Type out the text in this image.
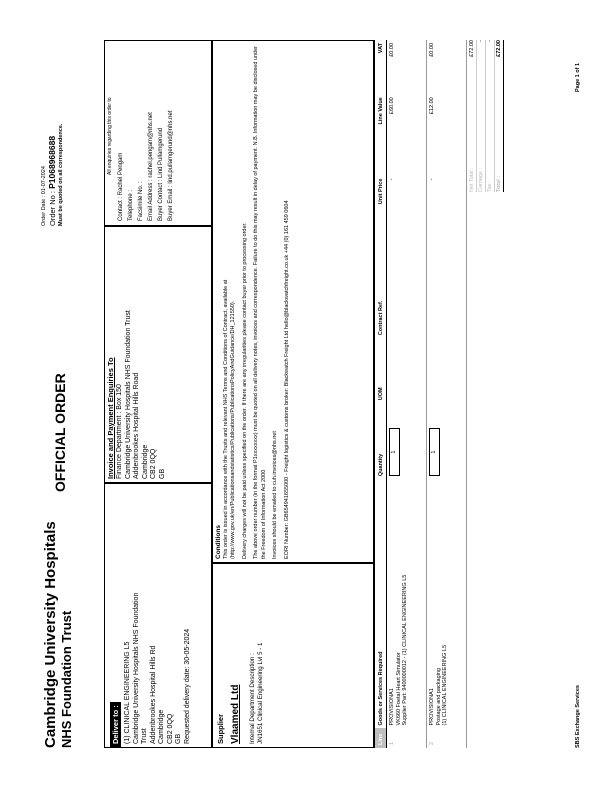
Cambridge University Hospitals NHS Foundation Trust
OFFICIAL ORDER
Order Date : 01-07-2024 Order No : P1068968688 Must be quoted on all correspondence.
Deliver to : (1) CLINICAL ENGINEERING L5 Cambridge University Hospitals NHS Foundation Trust Addenbrookes Hospital Hills Rd Cambridge CB2 0QQ GB Requested delivery date: 30-05-2024
Invoice and Payment Enquiries To Finance Department : Box 150 Cambridge University Hospitals NHS Foundation Trust Addenbrookes Hospital Hills Road Cambridge CB2 0QQ GB
All enquiries regarding this order to
Contact : Rachel Pengam Telephone : Facsimile No. : Email Address : rachel.pengam@nhs.net Buyer Contact : Lind Pullamgerund Buyer Email : lind.pullamgerund@nhs.net
Supplier Vlaamed Ltd Internal Department Description : JN1651 Clinical Engineering Lvl 5 - 1
Conditions This order is issued in accordance with the Trusts and relevant NHS Terms and Conditions of Contract, available at (http://www.gov.uk/en/Publicationsandstatistics/Publications/PublicationsPolicyAndGuidance/DH_121550). Delivery charges will not be paid unless specified on the order. If there are any irregularities please contact buyer prior to processing order. The above order number (in the format P1xxxxxxxx) must be quoted on all delivery notes, invoices and correspondence. Failure to do this may result in delay of payment. N.B. Information may be disclosed under the Freedom of Information Act 2000 Invoices should be emailed to cuh.invoices@nhs.net EORI Number: GB654941655000 - Freight logistics & customs broker: Blackwatch Freight Ltd hello@blackwatchfreight.co.uk +44 (0) 161 459 0604

Line	Goods or Services Required	Quantity	UOM	Contract Ref.	Unit Price	Line Value	VAT
1	PROVISIONA1 VK660 Foetal Heart Simulator Supplier Part: 9400000012 - (1) CLINICAL ENGINEERING L5	1			-	£60.00	£0.00
2	PROVISIONA1 Postage and packaging (1) CLINICAL ENGINEERING L5	1			-	£12.00	£0.00
Net Total :
£72.00
Carriage :
-
Tax :
-
Total :
£72.00
SBS Exchange Services
Page 1 of 1
